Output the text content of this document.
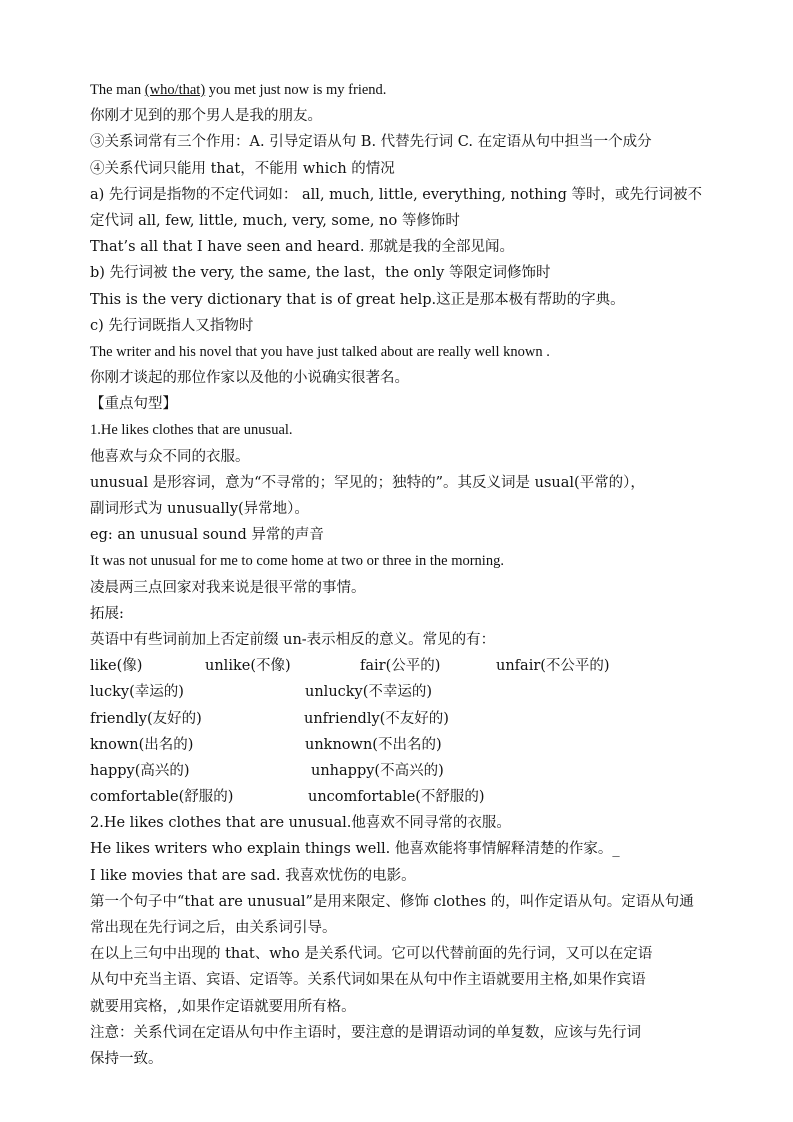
The man (who/that) you met just now is my friend.
你刚才见到的那个男人是我的朋友。
③关系词常有三个作用：A. 引导定语从句 B. 代替先行词 C. 在定语从句中担当一个成分
④关系代词只能用 that，不能用 which 的情况
a) 先行词是指物的不定代词如： all, much, little, everything, nothing 等时，或先行词被不
定代词 all, few, little, much, very, some, no 等修饰时
That’s all that I have seen and heard. 那就是我的全部见闻。
b) 先行词被 the very, the same, the last，the only 等限定词修饰时
This is the very dictionary that is of great help.这正是那本极有帮助的字典。
c) 先行词既指人又指物时
The writer and his novel that you have just talked about are really well known .
你刚才谈起的那位作家以及他的小说确实很著名。
【重点句型】
1.He likes clothes that are unusual.
他喜欢与众不同的衣服。
unusual 是形容词，意为“不寻常的；罕见的；独特的”。其反义词是 usual(平常的），
副词形式为 unusually(异常地）。
eg: an unusual sound 异常的声音
It was not unusual for me to come home at two or three in the morning.
凌晨两三点回家对我来说是很平常的事情。
拓展:
英语中有些词前加上否定前缀 un-表示相反的意义。常见的有：
like(像)	unlike(不像)	fair(公平的)	unfair(不公平的)
lucky(幸运的)	unlucky(不幸运的)
friendly(友好的)	unfriendly(不友好的)
known(出名的)	unknown(不出名的)
happy(高兴的)	unhappy(不高兴的)
comfortable(舒服的)	uncomfortable(不舒服的)
2.He likes clothes that are unusual.他喜欢不同寻常的衣服。
He likes writers who explain things well. 他喜欢能将事情解释清楚的作家。_
I like movies that are sad. 我喜欢忧伤的电影。
第一个句子中“that are unusual”是用来限定、修饰 clothes 的，叫作定语从句。定语从句通
常出现在先行词之后，由关系词引导。
在以上三句中出现的 that、who 是关系代词。它可以代替前面的先行词，又可以在定语
从句中充当主语、宾语、定语等。关系代词如果在从句中作主语就要用主格,如果作宾语
就要用宾格，,如果作定语就要用所有格。
注意：关系代词在定语从句中作主语时，要注意的是谓语动词的单复数，应该与先行词
保持一致。
